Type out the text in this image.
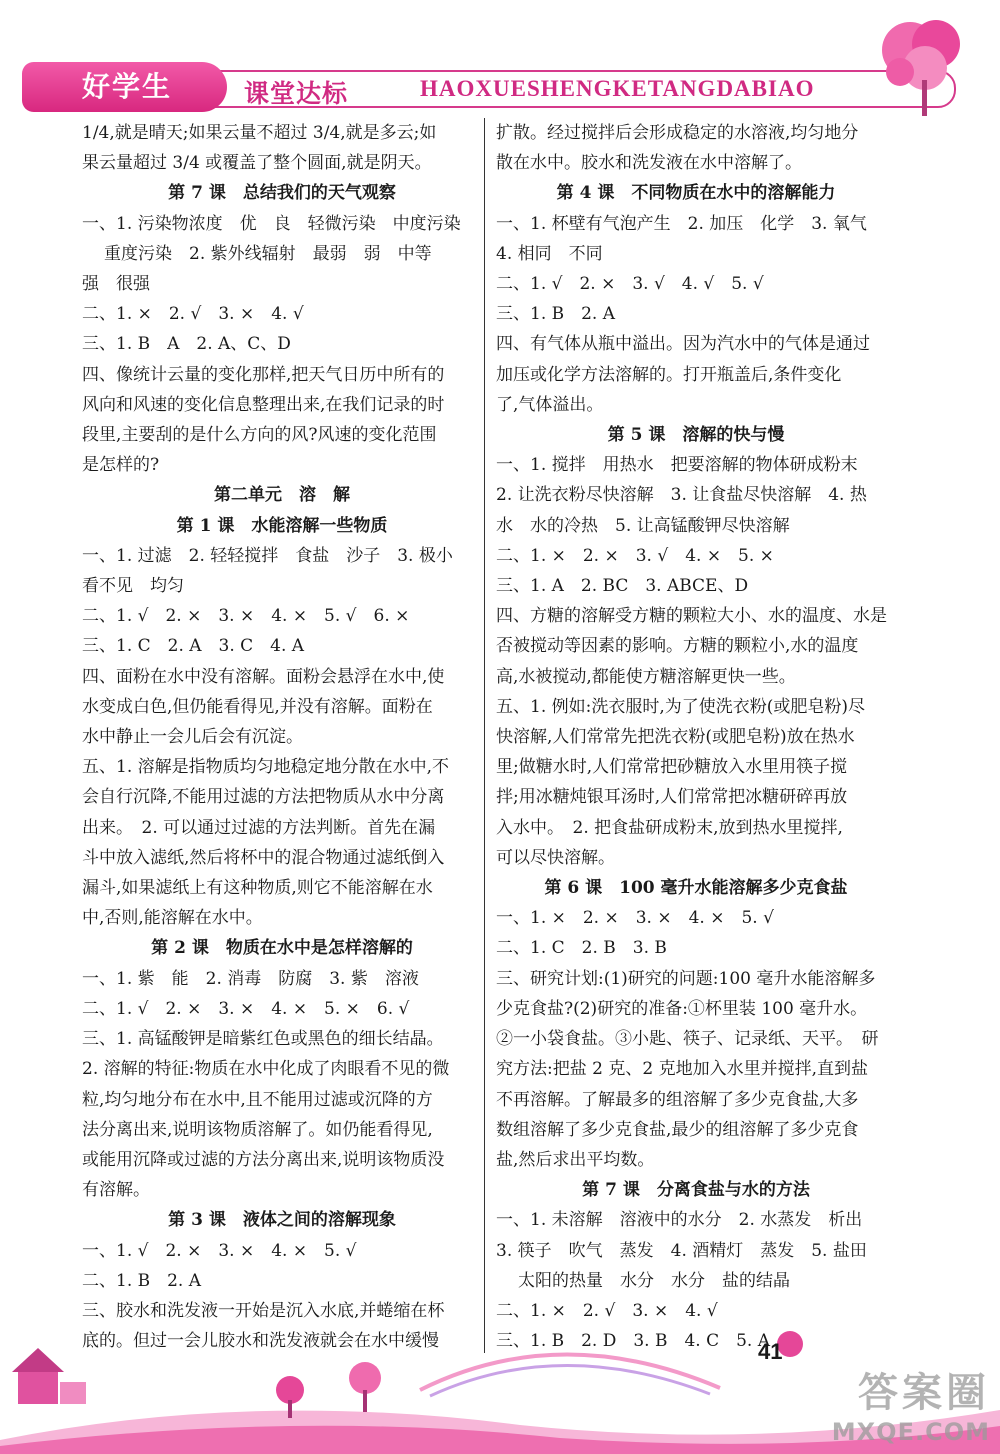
好学生	课堂达标	HAOXUESHENGKETANGDABIAO
1/4,就是晴天;如果云量不超过 3/4,就是多云;如
果云量超过 3/4 或覆盖了整个圆面,就是阴天。
第 7 课　总结我们的天气观察
一、1. 污染物浓度　优　良　轻微污染　中度污染
重度污染　2. 紫外线辐射　最弱　弱　中等
强　很强
二、1. ×　2. √　3. ×　4. √
三、1. B　A　2. A、C、D
四、像统计云量的变化那样,把天气日历中所有的
风向和风速的变化信息整理出来,在我们记录的时
段里,主要刮的是什么方向的风?风速的变化范围
是怎样的?
第二单元　溶　解
第 1 课　水能溶解一些物质
一、1. 过滤　2. 轻轻搅拌　食盐　沙子　3. 极小
看不见　均匀
二、1. √　2. ×　3. ×　4. ×　5. √　6. ×
三、1. C　2. A　3. C　4. A
四、面粉在水中没有溶解。面粉会悬浮在水中,使
水变成白色,但仍能看得见,并没有溶解。面粉在
水中静止一会儿后会有沉淀。
五、1. 溶解是指物质均匀地稳定地分散在水中,不
会自行沉降,不能用过滤的方法把物质从水中分离
出来。　2. 可以通过过滤的方法判断。首先在漏
斗中放入滤纸,然后将杯中的混合物通过滤纸倒入
漏斗,如果滤纸上有这种物质,则它不能溶解在水
中,否则,能溶解在水中。
第 2 课　物质在水中是怎样溶解的
一、1. 紫　能　2. 消毒　防腐　3. 紫　溶液
二、1. √　2. ×　3. ×　4. ×　5. ×　6. √
三、1. 高锰酸钾是暗紫红色或黑色的细长结晶。
2. 溶解的特征:物质在水中化成了肉眼看不见的微
粒,均匀地分布在水中,且不能用过滤或沉降的方
法分离出来,说明该物质溶解了。如仍能看得见,
或能用沉降或过滤的方法分离出来,说明该物质没
有溶解。
第 3 课　液体之间的溶解现象
一、1. √　2. ×　3. ×　4. ×　5. √
二、1. B　2. A
三、胶水和洗发液一开始是沉入水底,并蜷缩在杯
底的。但过一会儿胶水和洗发液就会在水中缓慢
扩散。经过搅拌后会形成稳定的水溶液,均匀地分
散在水中。胶水和洗发液在水中溶解了。
第 4 课　不同物质在水中的溶解能力
一、1. 杯壁有气泡产生　2. 加压　化学　3. 氧气
4. 相同　不同
二、1. √　2. ×　3. √　4. √　5. √
三、1. B　2. A
四、有气体从瓶中溢出。因为汽水中的气体是通过
加压或化学方法溶解的。打开瓶盖后,条件变化
了,气体溢出。
第 5 课　溶解的快与慢
一、1. 搅拌　用热水　把要溶解的物体研成粉末
2. 让洗衣粉尽快溶解　3. 让食盐尽快溶解　4. 热
水　水的冷热　5. 让高锰酸钾尽快溶解
二、1. ×　2. ×　3. √　4. ×　5. ×
三、1. A　2. BC　3. ABCE、D
四、方糖的溶解受方糖的颗粒大小、水的温度、水是
否被搅动等因素的影响。方糖的颗粒小,水的温度
高,水被搅动,都能使方糖溶解更快一些。
五、1. 例如:洗衣服时,为了使洗衣粉(或肥皂粉)尽
快溶解,人们常常先把洗衣粉(或肥皂粉)放在热水
里;做糖水时,人们常常把砂糖放入水里用筷子搅
拌;用冰糖炖银耳汤时,人们常常把冰糖研碎再放
入水中。　2. 把食盐研成粉末,放到热水里搅拌,
可以尽快溶解。
第 6 课　100 毫升水能溶解多少克食盐
一、1. ×　2. ×　3. ×　4. ×　5. √
二、1. C　2. B　3. B
三、研究计划:(1)研究的问题:100 毫升水能溶解多
少克食盐?(2)研究的准备:①杯里装 100 毫升水。
②一小袋食盐。③小匙、筷子、记录纸、天平。　研
究方法:把盐 2 克、2 克地加入水里并搅拌,直到盐
不再溶解。了解最多的组溶解了多少克食盐,大多
数组溶解了多少克食盐,最少的组溶解了多少克食
盐,然后求出平均数。
第 7 课　分离食盐与水的方法
一、1. 未溶解　溶液中的水分　2. 水蒸发　析出
3. 筷子　吹气　蒸发　4. 酒精灯　蒸发　5. 盐田
太阳的热量　水分　水分　盐的结晶
二、1. ×　2. √　3. ×　4. √
三、1. B　2. D　3. B　4. C　5. A
41
答案圈
MXQE.COM
